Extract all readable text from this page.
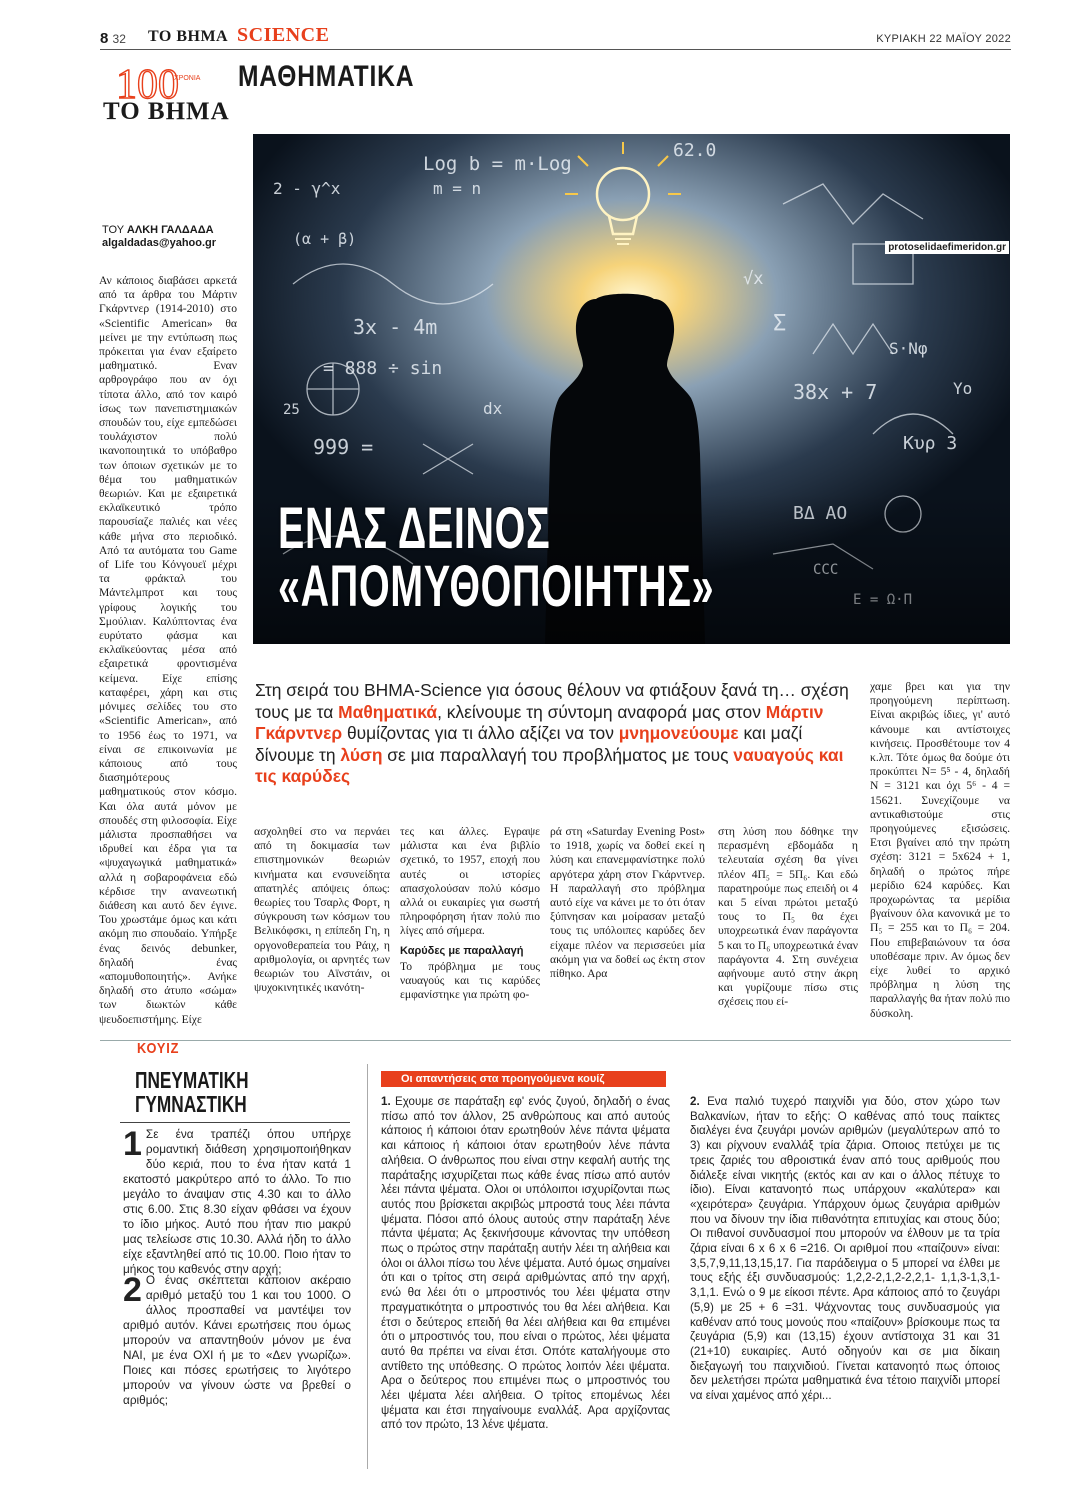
8 32 ΤΟ ΒΗΜΑ SCIENCE	ΚΥΡΙΑΚΗ 22 ΜΑΪΟΥ 2022
ΜΑΘΗΜΑΤΙΚΑ
100
ΧΡΟΝΙΑ
ΤΟ ΒΗΜΑ
Log b = m·Log
m = n
2 - γ^x
(α + β)
3x - 4m
= 888 ÷ sin
25
999 =
dx
√x
62.0
Σ
S·Nφ
38x + 7
Κυρ 3
Yo
protoselidaefimeridon.gr
ΕΝΑΣ ΔΕΙΝΟΣ
«ΑΠΟΜΥΘΟΠΟΙΗΤΗΣ»
ΤΟΥ ΑΛΚΗ ΓΑΛΔΑΔΑ
algaldadas@yahoo.gr

Αν κάποιος διαβάσει αρκετά από τα άρθρα του Μάρτιν Γκάρντνερ (1914-2010) στο «Scientific American» θα μείνει με την εντύπωση πως πρόκειται για έναν εξαίρετο μαθηματικό. Εναν αρθρογράφο που αν όχι τίποτα άλλο, από τον καιρό ίσως των πανεπιστημιακών σπουδών του, είχε εμπεδώσει τουλάχιστον πολύ ικανοποιητικά το υπόβαθρο των όποιων σχετικών με το θέμα του μαθηματικών θεωριών. Και με εξαιρετικά εκλαϊκευτικό τρόπο παρουσίαζε παλιές και νέες κάθε μήνα στο περιοδικό. Από τα αυτόματα του Game of Life του Κόνγουεϊ μέχρι τα φράκταλ του Μάντελμπροτ και τους γρίφους λογικής του Σμούλιαν. Καλύπτοντας ένα ευρύτατο φάσμα και εκλαϊκεύοντας μέσα από εξαιρετικά φροντισμένα κείμενα. Είχε επίσης καταφέρει, χάρη και στις μόνιμες σελίδες του στο «Scientific American», από το 1956 έως το 1971, να είναι σε επικοινωνία με κάποιους από τους διασημότερους μαθηματικούς στον κόσμο. Και όλα αυτά μόνον με σπουδές στη φιλοσοφία. Είχε μάλιστα προσπαθήσει να ιδρυθεί και έδρα για τα «ψυχαγωγικά μαθηματικά» αλλά η σοβαροφάνεια εδώ κέρδισε την ανανεωτική διάθεση και αυτό δεν έγινε. Του χρωστάμε όμως και κάτι ακόμη πιο σπουδαίο. Υπήρξε ένας δεινός debunker, δηλαδή ένας «απομυθοποιητής». Ανήκε δηλαδή στο άτυπο «σώμα» των διωκτών κάθε ψευδοεπιστήμης. Είχε

Στη σειρά του ΒΗΜΑ-Science για όσους θέλουν να φτιάξουν ξανά τη… σχέση τους με τα Μαθηματικά, κλείνουμε τη σύντομη αναφορά μας στον Μάρτιν Γκάρντνερ θυμίζοντας για τι άλλο αξίζει να τον μνημονεύουμε και μαζί δίνουμε τη λύση σε μια παραλλαγή του προβλήματος με τους ναυαγούς και τις καρύδες

ασχοληθεί στο να περνάει από τη δοκιμασία των επιστημονικών θεωριών κινήματα και ενσυνείδητα απατηλές απόψεις όπως: θεωρίες του Τσαρλς Φορτ, η σύγκρουση των κόσμων του Βελικόφσκι, η επίπεδη Γη, η οργονοθεραπεία του Ράιχ, η αριθμολογία, οι αρνητές των θεωριών του Αϊνστάιν, οι ψυχοκινητικές ικανότη-

τες και άλλες. Εγραψε μάλιστα και ένα βιβλίο σχετικό, το 1957, εποχή που αυτές οι ιστορίες απασχολούσαν πολύ κόσμο αλλά οι ευκαιρίες για σωστή πληροφόρηση ήταν πολύ πιο λίγες από σήμερα.

Καρύδες με παραλλαγή

Το πρόβλημα με τους ναυαγούς και τις καρύδες εμφανίστηκε για πρώτη φο-

ρά στη «Saturday Evening Post» το 1918, χωρίς να δοθεί εκεί η λύση και επανεμφανίστηκε πολύ αργότερα χάρη στον Γκάρντνερ. Η παραλλαγή στο πρόβλημα αυτό είχε να κάνει με το ότι όταν ξύπνησαν και μοίρασαν μεταξύ τους τις υπόλοιπες καρύδες δεν είχαμε πλέον να περισσεύει μία ακόμη για να δοθεί ως έκτη στον πίθηκο. Αρα

στη λύση που δόθηκε την περασμένη εβδομάδα η τελευταία σχέση θα γίνει πλέον 4Π₅ = 5Π₆. Και εδώ παρατηρούμε πως επειδή οι 4 και 5 είναι πρώτοι μεταξύ τους το Π₅ θα έχει υποχρεωτικά έναν παράγοντα 5 και το Π₆ υποχρεωτικά έναν παράγοντα 4. Στη συνέχεια αφήνουμε αυτό στην άκρη και γυρίζουμε πίσω στις σχέσεις που εί-

χαμε βρει και για την προηγούμενη περίπτωση. Είναι ακριβώς ίδιες, γι' αυτό κάνουμε και αντίστοιχες κινήσεις. Προσθέτουμε τον 4 κ.λπ. Τότε όμως θα δούμε ότι προκύπτει N= 5⁵ - 4, δηλαδή N = 3121 και όχι 5⁶ - 4 = 15621. Συνεχίζουμε να αντικαθιστούμε στις προηγούμενες εξισώσεις. Ετσι βγαίνει από την πρώτη σχέση: 3121 = 5x624 + 1, δηλαδή ο πρώτος πήρε μερίδιο 624 καρύδες. Και προχωρώντας τα μερίδια βγαίνουν όλα κανονικά με το Π₅ = 255 και το Π₆ = 204. Που επιβεβαιώνουν τα όσα υποθέσαμε πριν. Αν όμως δεν είχε λυθεί το αρχικό πρόβλημα η λύση της παραλλαγής θα ήταν πολύ πιο δύσκολη.

ΚΟΥΙΖ
ΠΝΕΥΜΑΤΙΚΗ
ΓΥΜΝΑΣΤΙΚΗ
1 Σε ένα τραπέζι όπου υπήρχε ρομαντική διάθεση χρησιμοποιήθηκαν δύο κεριά, που το ένα ήταν κατά 1 εκατοστό μακρύτερο από το άλλο. Το πιο μεγάλο το άναψαν στις 4.30 και το άλλο στις 6.00. Στις 8.30 είχαν φθάσει να έχουν το ίδιο μήκος. Αυτό που ήταν πιο μακρύ μας τελείωσε στις 10.30. Αλλά ήδη το άλλο είχε εξαντληθεί από τις 10.00. Ποιο ήταν το μήκος του καθενός στην αρχή;

2 Ο ένας σκέπτεται κάποιον ακέραιο αριθμό μεταξύ του 1 και του 1000. Ο άλλος προσπαθεί να μαντέψει τον αριθμό αυτόν. Κάνει ερωτήσεις που όμως μπορούν να απαντηθούν μόνον με ένα ΝΑΙ, με ένα ΟΧΙ ή με το «Δεν γνωρίζω». Ποιες και πόσες ερωτήσεις το λιγότερο μπορούν να γίνουν ώστε να βρεθεί ο αριθμός;

Οι απαντήσεις στα προηγούμενα κουίζ

1. Εχουμε σε παράταξη εφ' ενός ζυγού, δηλαδή ο ένας πίσω από τον άλλον, 25 ανθρώπους και από αυτούς κάποιος ή κάποιοι όταν ερωτηθούν λένε πάντα ψέματα και κάποιος ή κάποιοι όταν ερωτηθούν λένε πάντα αλήθεια. Ο άνθρωπος που είναι στην κεφαλή αυτής της παράταξης ισχυρίζεται πως κάθε ένας πίσω από αυτόν λέει πάντα ψέματα. Ολοι οι υπόλοιποι ισχυρίζονται πως αυτός που βρίσκεται ακριβώς μπροστά τους λέει πάντα ψέματα. Πόσοι από όλους αυτούς στην παράταξη λένε πάντα ψέματα; Ας ξεκινήσουμε κάνοντας την υπόθεση πως ο πρώτος στην παράταξη αυτήν λέει τη αλήθεια και όλοι οι άλλοι πίσω του λένε ψέματα. Αυτό όμως σημαίνει ότι και ο τρίτος στη σειρά αριθμώντας από την αρχή, ενώ θα λέει ότι ο μπροστινός του λέει ψέματα στην πραγματικότητα ο μπροστινός του θα λέει αλήθεια. Και έτσι ο δεύτερος επειδή θα λέει αλήθεια και θα επιμένει ότι ο μπροστινός του, που είναι ο πρώτος, λέει ψέματα αυτό θα πρέπει να είναι έτσι. Οπότε καταλήγουμε στο αντίθετο της υπόθεσης. Ο πρώτος λοιπόν λέει ψέματα. Αρα ο δεύτερος που επιμένει πως ο μπροστινός του λέει ψέματα λέει αλήθεια. Ο τρίτος επομένως λέει ψέματα και έτσι πηγαίνουμε εναλλάξ. Αρα αρχίζοντας από τον πρώτο, 13 λένε ψέματα.

2. Ενα παλιό τυχερό παιχνίδι για δύο, στον χώρο των Βαλκανίων, ήταν το εξής: Ο καθένας από τους παίκτες διαλέγει ένα ζευγάρι μονών αριθμών (μεγαλύτερων από το 3) και ρίχνουν εναλλάξ τρία ζάρια. Οποιος πετύχει με τις τρεις ζαριές του αθροιστικά έναν από τους αριθμούς που διάλεξε είναι νικητής (εκτός και αν και ο άλλος πέτυχε το ίδιο). Είναι κατανοητό πως υπάρχουν «καλύτερα» και «χειρότερα» ζευγάρια. Υπάρχουν όμως ζευγάρια αριθμών που να δίνουν την ίδια πιθανότητα επιτυχίας και στους δύο; Οι πιθανοί συνδυασμοί που μπορούν να έλθουν με τα τρία ζάρια είναι 6 x 6 x 6 =216. Οι αριθμοί που «παίζουν» είναι: 3,5,7,9,11,13,15,17. Για παράδειγμα ο 5 μπορεί να έλθει με τους εξής έξι συνδυασμούς: 1,2,2-2,1,2-2,2,1- 1,1,3-1,3,1-3,1,1. Ενώ ο 9 με είκοσι πέντε. Αρα κάποιος από το ζευγάρι (5,9) με 25 + 6 =31. Ψάχνοντας τους συνδυασμούς για καθέναν από τους μονούς που «παίζουν» βρίσκουμε πως τα ζευγάρια (5,9) και (13,15) έχουν αντίστοιχα 31 και 31 (21+10) ευκαιρίες. Αυτό οδηγούν και σε μια δίκαιη διεξαγωγή του παιχνιδιού. Γίνεται κατανοητό πως όποιος δεν μελετήσει πρώτα μαθηματικά ένα τέτοιο παιχνίδι μπορεί να είναι χαμένος από χέρι...
